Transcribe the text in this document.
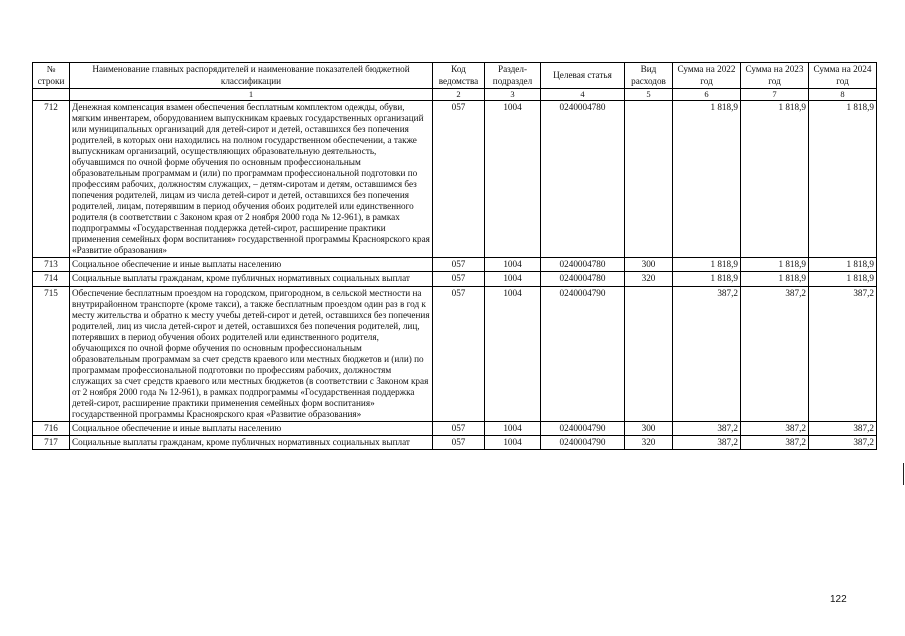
№ строки	Наименование главных распорядителей и наименование показателей бюджетной классификации	Код ведомства	Раздел-подраздел	Целевая статья	Вид расходов	Сумма на 2022 год	Сумма на 2023 год	Сумма на 2024 год
	1	2	3	4	5	6	7	8
712	Денежная компенсация взамен обеспечения бесплатным комплектом одежды, обуви, мягким инвентарем, оборудованием выпускникам краевых государственных организаций или муниципальных организаций для детей-сирот и детей, оставшихся без попечения родителей, в которых они находились на полном государственном обеспечении, а также выпускникам организаций, осуществляющих образовательную деятельность, обучавшимся по очной форме обучения по основным профессиональным образовательным программам и (или) по программам профессиональной подготовки по профессиям рабочих, должностям служащих, – детям-сиротам и детям, оставшимся без попечения родителей, лицам из числа детей-сирот и детей, оставшихся без попечения родителей, лицам, потерявшим в период обучения обоих родителей или единственного родителя (в соответствии с Законом края от 2 ноября 2000 года № 12-961), в рамках подпрограммы «Государственная поддержка детей-сирот, расширение практики применения семейных форм воспитания» государственной программы Красноярского края «Развитие образования»	057	1004	0240004780		1 818,9	1 818,9	1 818,9
713	Социальное обеспечение и иные выплаты населению	057	1004	0240004780	300	1 818,9	1 818,9	1 818,9
714	Социальные выплаты гражданам, кроме публичных нормативных социальных выплат	057	1004	0240004780	320	1 818,9	1 818,9	1 818,9
715	Обеспечение бесплатным проездом на городском, пригородном, в сельской местности на внутрирайонном транспорте (кроме такси), а также бесплатным проездом один раз в год к месту жительства и обратно к месту учебы детей-сирот и детей, оставшихся без попечения родителей, лиц из числа детей-сирот и детей, оставшихся без попечения родителей, лиц, потерявших в период обучения обоих родителей или единственного родителя, обучающихся по очной форме обучения по основным профессиональным образовательным программам за счет средств краевого или местных бюджетов и (или) по программам профессиональной подготовки по профессиям рабочих, должностям служащих за счет средств краевого или местных бюджетов (в соответствии с Законом края от 2 ноября 2000 года № 12-961), в рамках подпрограммы «Государственная поддержка детей-сирот, расширение практики применения семейных форм воспитания» государственной программы Красноярского края «Развитие образования»	057	1004	0240004790		387,2	387,2	387,2
716	Социальное обеспечение и иные выплаты населению	057	1004	0240004790	300	387,2	387,2	387,2
717	Социальные выплаты гражданам, кроме публичных нормативных социальных выплат	057	1004	0240004790	320	387,2	387,2	387,2
122
